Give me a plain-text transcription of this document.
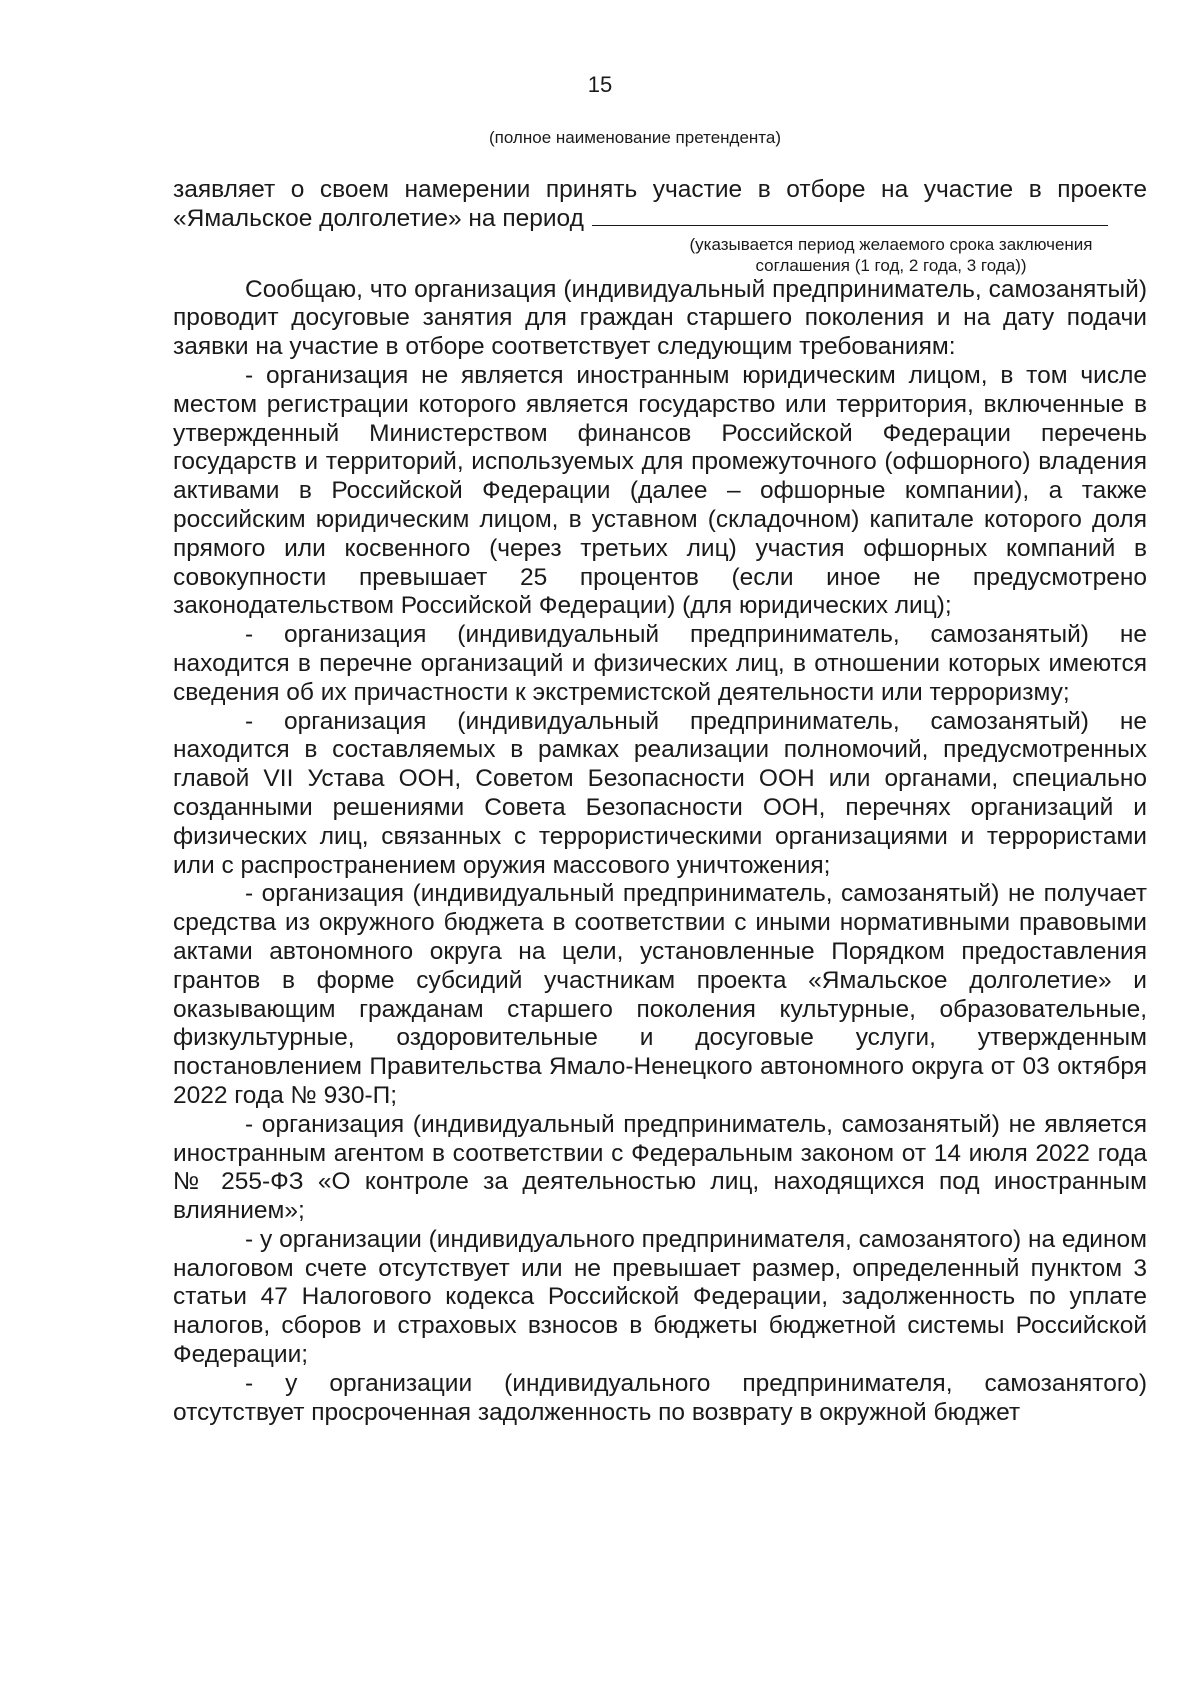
15
(полное наименование претендента)

заявляет о своем намерении принять участие в отборе на участие в проекте «Ямальское долголетие» на период

(указывается период желаемого срока заключения
соглашения (1 год, 2 года, 3 года))

Сообщаю, что организация (индивидуальный предприниматель, самозанятый) проводит досуговые занятия для граждан старшего поколения и на дату подачи заявки на участие в отборе соответствует следующим требованиям:

- организация не является иностранным юридическим лицом, в том числе местом регистрации которого является государство или территория, включенные в утвержденный Министерством финансов Российской Федерации перечень государств и территорий, используемых для промежуточного (офшорного) владения активами в Российской Федерации (далее – офшорные компании), а также российским юридическим лицом, в уставном (складочном) капитале которого доля прямого или косвенного (через третьих лиц) участия офшорных компаний в совокупности превышает 25 процентов (если иное не предусмотрено законодательством Российской Федерации) (для юридических лиц);

- организация (индивидуальный предприниматель, самозанятый) не находится в перечне организаций и физических лиц, в отношении которых имеются сведения об их причастности к экстремистской деятельности или терроризму;

- организация (индивидуальный предприниматель, самозанятый) не находится в составляемых в рамках реализации полномочий, предусмотренных главой VII Устава ООН, Советом Безопасности ООН или органами, специально созданными решениями Совета Безопасности ООН, перечнях организаций и физических лиц, связанных с террористическими организациями и террористами или с распространением оружия массового уничтожения;

- организация (индивидуальный предприниматель, самозанятый) не получает средства из окружного бюджета в соответствии с иными нормативными правовыми актами автономного округа на цели, установленные Порядком предоставления грантов в форме субсидий участникам проекта «Ямальское долголетие» и оказывающим гражданам старшего поколения культурные, образовательные, физкультурные, оздоровительные и досуговые услуги, утвержденным постановлением Правительства Ямало-Ненецкого автономного округа от 03 октября 2022 года № 930-П;

- организация (индивидуальный предприниматель, самозанятый) не является иностранным агентом в соответствии с Федеральным законом от 14 июля 2022 года № 255-ФЗ «О контроле за деятельностью лиц, находящихся под иностранным влиянием»;

- у организации (индивидуального предпринимателя, самозанятого) на едином налоговом счете отсутствует или не превышает размер, определенный пунктом 3 статьи 47 Налогового кодекса Российской Федерации, задолженность по уплате налогов, сборов и страховых взносов в бюджеты бюджетной системы Российской Федерации;

- у организации (индивидуального предпринимателя, самозанятого) отсутствует просроченная задолженность по возврату в окружной бюджет
